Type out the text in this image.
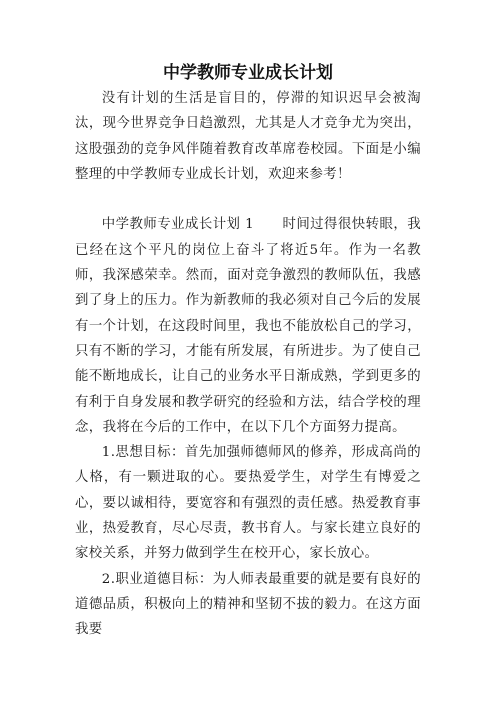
中学教师专业成长计划

没有计划的生活是盲目的，停滞的知识迟早会被淘汰，现今世界竞争日趋激烈，尤其是人才竞争尤为突出，这股强劲的竞争风伴随着教育改革席卷校园。下面是小编整理的中学教师专业成长计划，欢迎来参考！

中学教师专业成长计划 1 时间过得很快转眼，我已经在这个平凡的岗位上奋斗了将近5年。作为一名教师，我深感荣幸。然而，面对竞争激烈的教师队伍，我感到了身上的压力。作为新教师的我必须对自己今后的发展有一个计划，在这段时间里，我也不能放松自己的学习，只有不断的学习，才能有所发展，有所进步。为了使自己能不断地成长，让自己的业务水平日渐成熟，学到更多的有利于自身发展和教学研究的经验和方法，结合学校的理念，我将在今后的工作中，在以下几个方面努力提高。

1.思想目标：首先加强师德师风的修养，形成高尚的人格，有一颗进取的心。要热爱学生，对学生有博爱之心，要以诚相待，要宽容和有强烈的责任感。热爱教育事业，热爱教育，尽心尽责，教书育人。与家长建立良好的家校关系，并努力做到学生在校开心，家长放心。

2.职业道德目标：为人师表最重要的就是要有良好的道德品质，积极向上的精神和坚韧不拔的毅力。在这方面我要
